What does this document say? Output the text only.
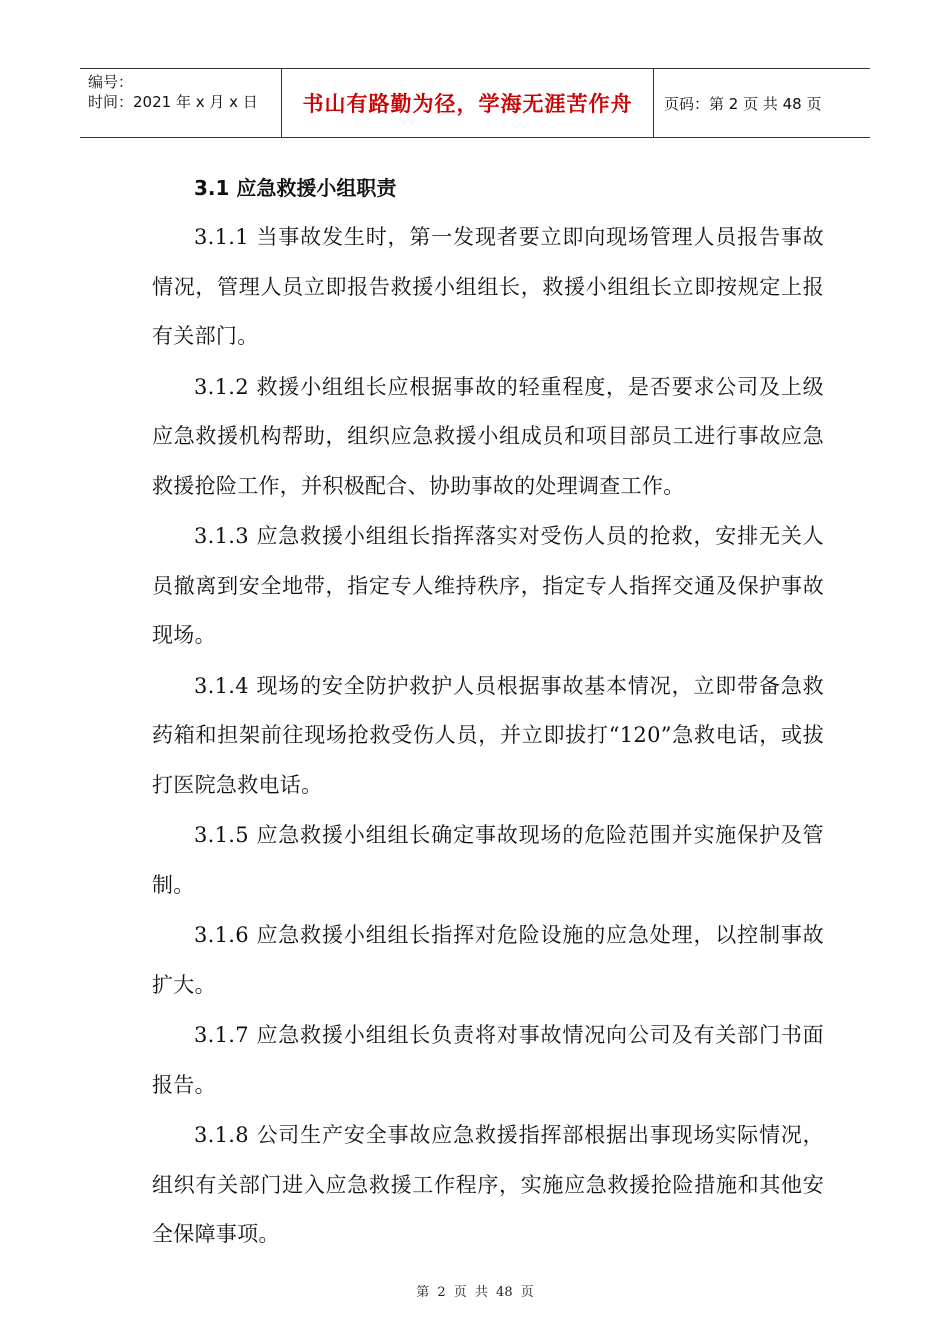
编号：
时间：2021 年 x 月 x 日	书山有路勤为径，学海无涯苦作舟	页码：第 2 页 共 48 页
3.1 应急救援小组职责

3.1.1 当事故发生时，第一发现者要立即向现场管理人员报告事故情况，管理人员立即报告救援小组组长，救援小组组长立即按规定上报有关部门。

3.1.2 救援小组组长应根据事故的轻重程度，是否要求公司及上级应急救援机构帮助，组织应急救援小组成员和项目部员工进行事故应急救援抢险工作，并积极配合、协助事故的处理调查工作。

3.1.3 应急救援小组组长指挥落实对受伤人员的抢救，安排无关人员撤离到安全地带，指定专人维持秩序，指定专人指挥交通及保护事故现场。

3.1.4 现场的安全防护救护人员根据事故基本情况，立即带备急救药箱和担架前往现场抢救受伤人员，并立即拔打“120”急救电话，或拔打医院急救电话。

3.1.5 应急救援小组组长确定事故现场的危险范围并实施保护及管制。

3.1.6 应急救援小组组长指挥对危险设施的应急处理，以控制事故扩大。

3.1.7 应急救援小组组长负责将对事故情况向公司及有关部门书面报告。

3.1.8 公司生产安全事故应急救援指挥部根据出事现场实际情况，组织有关部门进入应急救援工作程序，实施应急救援抢险措施和其他安全保障事项。

第 2 页 共 48 页
